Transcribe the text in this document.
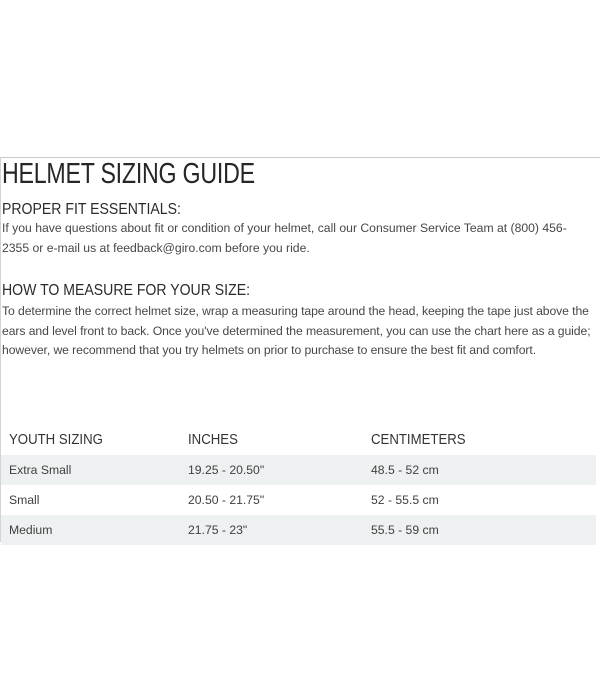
HELMET SIZING GUIDE
PROPER FIT ESSENTIALS:

If you have questions about fit or condition of your helmet, call our Consumer Service Team at (800) 456-2355 or e-mail us at feedback@giro.com before you ride.

HOW TO MEASURE FOR YOUR SIZE:

To determine the correct helmet size, wrap a measuring tape around the head, keeping the tape just above the ears and level front to back. Once you've determined the measurement, you can use the chart here as a guide; however, we recommend that you try helmets on prior to purchase to ensure the best fit and comfort.

YOUTH SIZING	INCHES	CENTIMETERS
Extra Small	19.25 - 20.50"	48.5 - 52 cm
Small	20.50 - 21.75"	52 - 55.5 cm
Medium	21.75 - 23"	55.5 - 59 cm
